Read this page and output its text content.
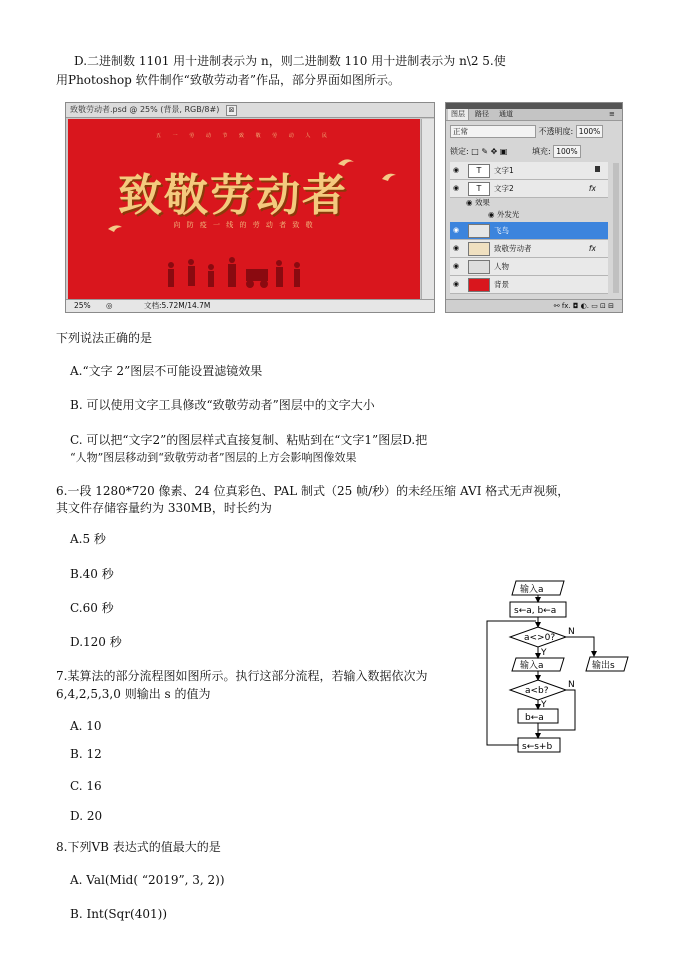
D.二进制数 1101 用十进制表示为 n，则二进制数 110 用十进制表示为 n\2 5.使
用Photoshop 软件制作“致敬劳动者”作品，部分界面如图所示。
致敬劳动者.psd @ 25% (背景, RGB/8#)	⊠
五 一 劳 动 节 致 敬 劳 动 人 民
致敬劳动者
向 防 疫 一 线 的 劳 动 者 致 敬
25% ◎	文档:5.72M/14.7M
图层	路径	通道	≡
正常	不透明度: 100%
锁定: □ ✎ ✥ ▣	填充: 100%
◉	T	文字1
◉	T	文字2	fx
◉ 效果
◉ 外发光
◉	飞鸟
◉	致敬劳动者	fx
◉	人物
◉	背景
⚯ fx. ◘ ◐. ▭ ⊡ ⊟
下列说法正确的是
A.“文字 2”图层不可能设置滤镜效果
B. 可以使用文字工具修改“致敬劳动者”图层中的文字大小
C. 可以把“文字2”的图层样式直接复制、粘贴到在“文字1”图层D.把
“人物”图层移动到“致敬劳动者”图层的上方会影响图像效果
6.一段 1280*720 像素、24 位真彩色、PAL 制式（25 帧/秒）的未经压缩 AVI 格式无声视频，
其文件存储容量约为 330MB，时长约为
A.5 秒
B.40 秒
C.60 秒
D.120 秒
7.某算法的部分流程图如图所示。执行这部分流程，若输入数据依次为
6,4,2,5,3,0 则输出 s 的值为
A. 10
B. 12
C. 16
D. 20
8.下列VB 表达式的值最大的是
A. Val(Mid( “2019”, 3, 2))
B. Int(Sqr(401))
输入a
s←a, b←a
a<>0?
Y
N
输入a	输出s
a<b?
Y
N
b←a
s←s+b
